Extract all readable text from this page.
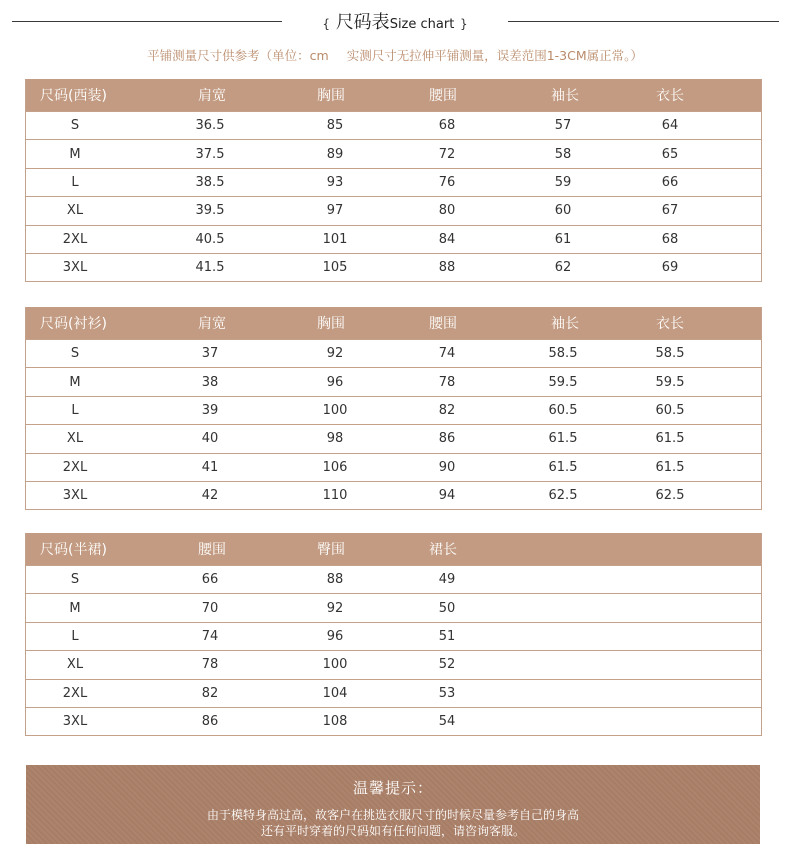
{ 尺码表Size chart }
平铺测量尺寸供参考（单位：cm 实测尺寸无拉伸平铺测量，误差范围1-3CM属正常。）
尺码(西装)	肩宽	胸围	腰围	袖长	衣长
S	36.5	85	68	57	64
M	37.5	89	72	58	65
L	38.5	93	76	59	66
XL	39.5	97	80	60	67
2XL	40.5	101	84	61	68
3XL	41.5	105	88	62	69
尺码(衬衫)	肩宽	胸围	腰围	袖长	衣长
S	37	92	74	58.5	58.5
M	38	96	78	59.5	59.5
L	39	100	82	60.5	60.5
XL	40	98	86	61.5	61.5
2XL	41	106	90	61.5	61.5
3XL	42	110	94	62.5	62.5
尺码(半裙)	腰围	臀围	裙长
S	66	88	49
M	70	92	50
L	74	96	51
XL	78	100	52
2XL	82	104	53
3XL	86	108	54
温馨提示：
由于模特身高过高，故客户在挑选衣服尺寸的时候尽量参考自己的身高
还有平时穿着的尺码如有任何问题，请咨询客服。
